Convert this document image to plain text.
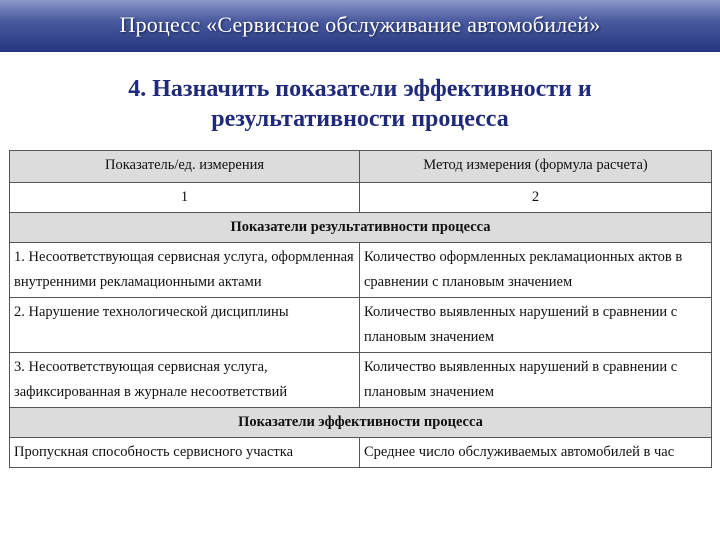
Процесс «Сервисное обслуживание автомобилей»
4. Назначить показатели эффективности и
результативности процесса
Показатель/ед. измерения	Метод измерения (формула расчета)
1	2
Показатели результативности процесса	
1. Несоответствующая сервисная услуга, оформленная внутренними рекламационными актами	Количество оформленных рекламационных актов в сравнении с плановым значением
2. Нарушение технологической дисциплины	Количество выявленных нарушений в сравнении с плановым значением
3. Несоответствующая сервисная услуга, зафиксированная в журнале несоответствий	Количество выявленных нарушений в сравнении с плановым значением
Показатели эффективности процесса	
Пропускная способность сервисного участка	Среднее число обслуживаемых автомобилей в час
